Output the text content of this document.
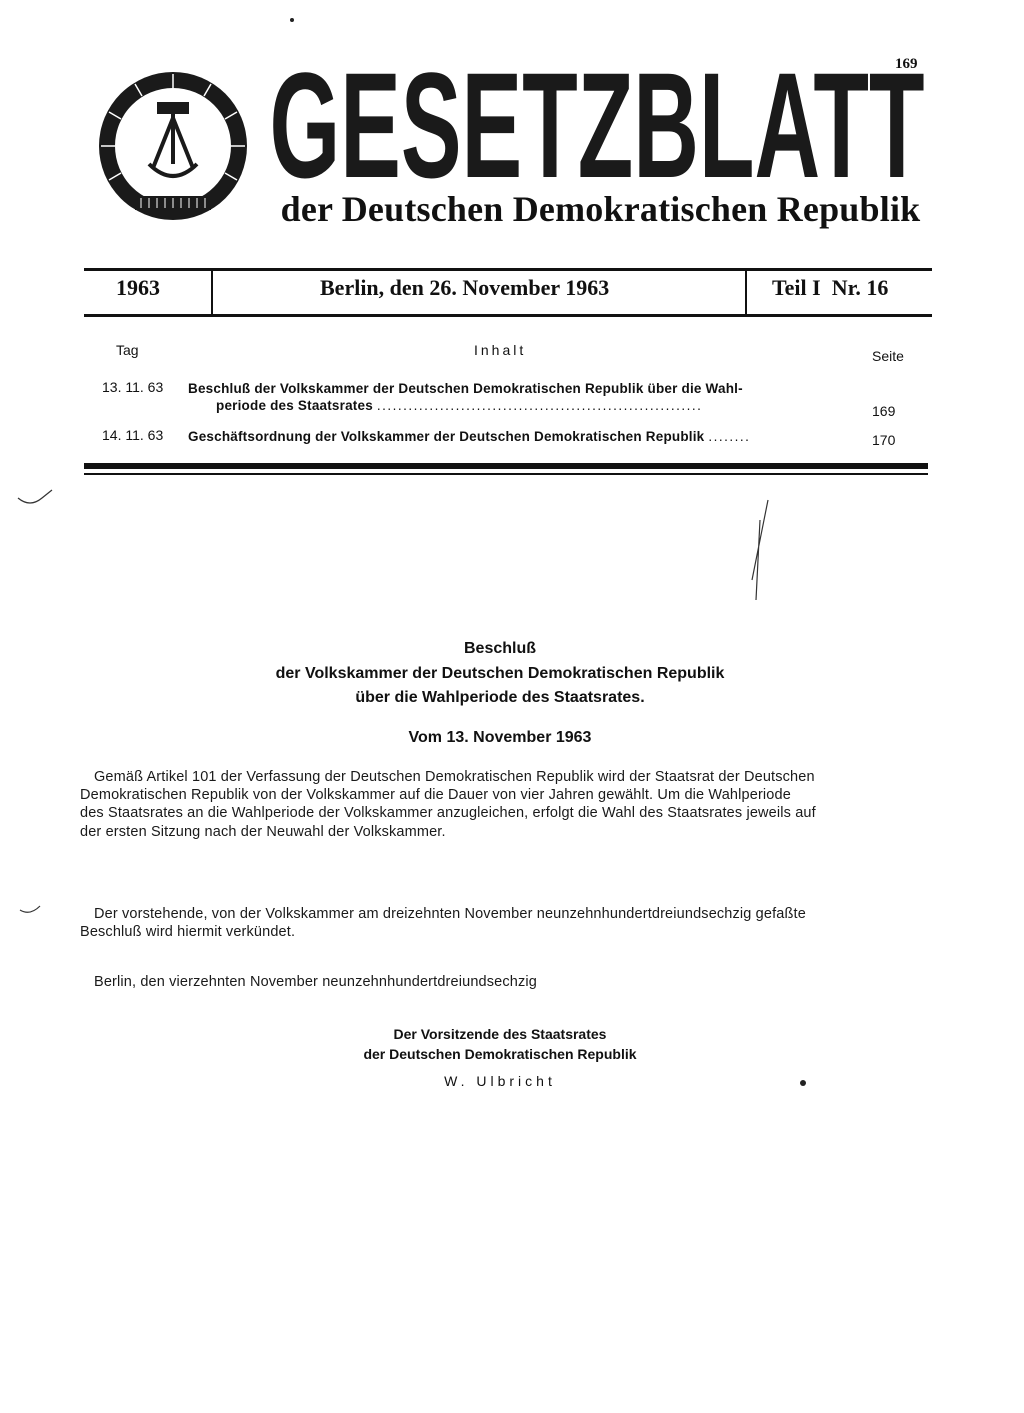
169
GESETZBLATT
der Deutschen Demokratischen Republik
1963	Berlin, den 26. November 1963	Teil I  Nr. 16
Tag	Inhalt	Seite
13. 11. 63 Beschluß der Volkskammer der Deutschen Demokratischen Republik über die Wahl-
periode des Staatsrates ..............................................................	169
14. 11. 63 Geschäftsordnung der Volkskammer der Deutschen Demokratischen Republik ........	170
Beschluß
der Volkskammer der Deutschen Demokratischen Republik
über die Wahlperiode des Staatsrates.
Vom 13. November 1963
Gemäß Artikel 101 der Verfassung der Deutschen Demokratischen Republik wird der Staatsrat der Deutschen
Demokratischen Republik von der Volkskammer auf die Dauer von vier Jahren gewählt. Um die Wahlperiode
des Staatsrates an die Wahlperiode der Volkskammer anzugleichen, erfolgt die Wahl des Staatsrates jeweils auf
der ersten Sitzung nach der Neuwahl der Volkskammer.
Der vorstehende, von der Volkskammer am dreizehnten November neunzehnhundertdreiundsechzig gefaßte
Beschluß wird hiermit verkündet.
Berlin, den vierzehnten November neunzehnhundertdreiundsechzig
Der Vorsitzende des Staatsrates
der Deutschen Demokratischen Republik
W. Ulbricht
